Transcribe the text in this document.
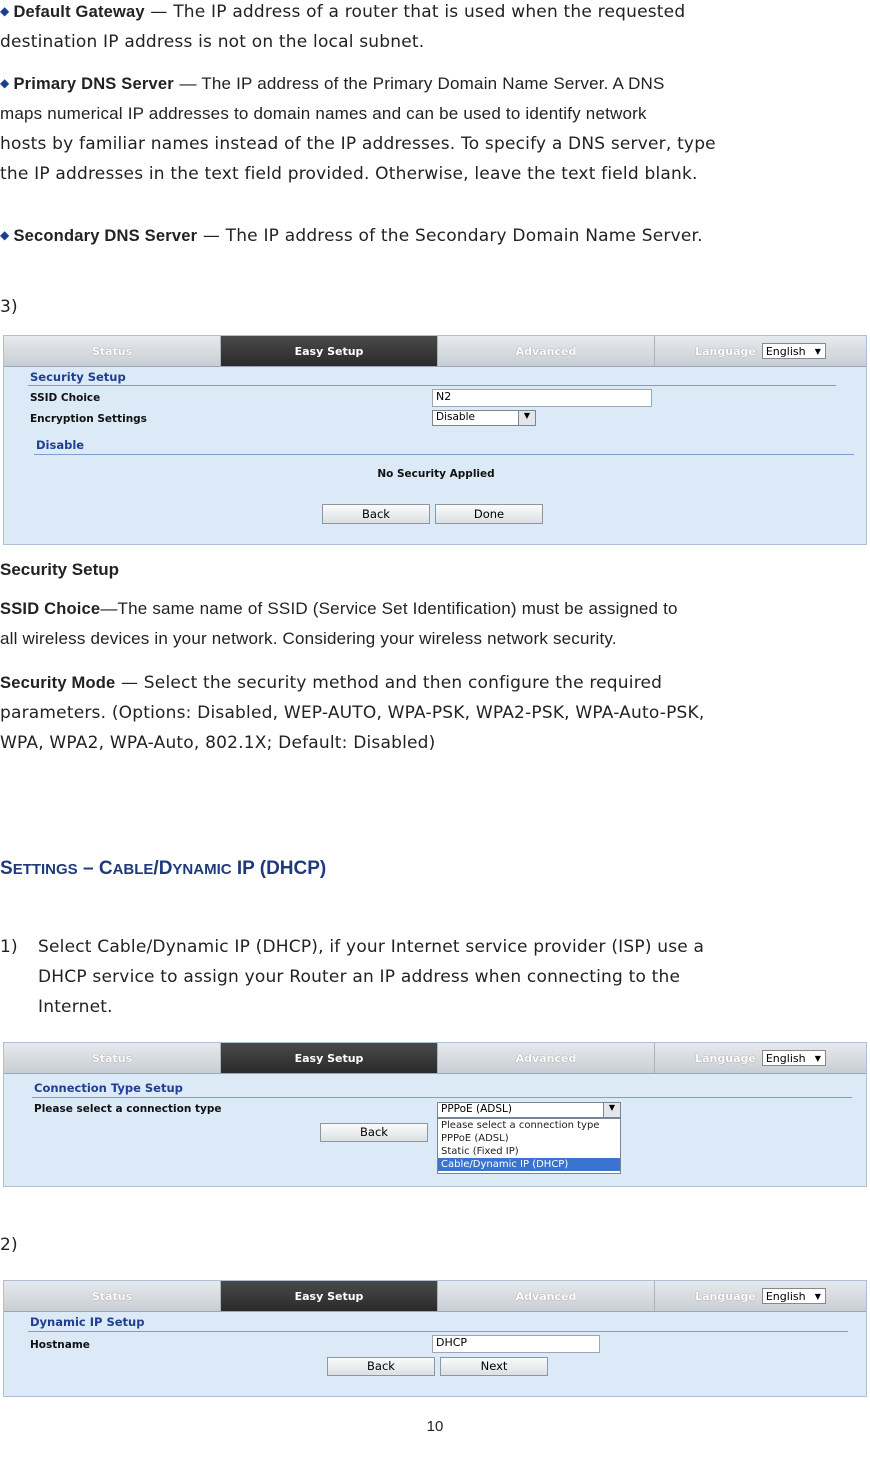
◆ Default Gateway — The IP address of a router that is used when the requested
destination IP address is not on the local subnet.
◆ Primary DNS Server — The IP address of the Primary Domain Name Server. A DNS
maps numerical IP addresses to domain names and can be used to identify network
hosts by familiar names instead of the IP addresses. To specify a DNS server, type
the IP addresses in the text field provided. Otherwise, leave the text field blank.
◆ Secondary DNS Server — The IP address of the Secondary Domain Name Server.
3)
Status	Easy Setup	Advanced	Language English ▼
Security Setup
SSID Choice	N2
Encryption Settings	Disable	▼
Disable
No Security Applied
Back	Done
Security Setup
SSID Choice—The same name of SSID (Service Set Identification) must be assigned to
all wireless devices in your network. Considering your wireless network security.
Security Mode — Select the security method and then configure the required
parameters. (Options: Disabled, WEP-AUTO, WPA-PSK, WPA2-PSK, WPA-Auto-PSK,
WPA, WPA2, WPA-Auto, 802.1X; Default: Disabled)
SETTINGS – CABLE/DYNAMIC IP (DHCP)
1) Select Cable/Dynamic IP (DHCP), if your Internet service provider (ISP) use a
DHCP service to assign your Router an IP address when connecting to the
Internet.
Status	Easy Setup	Advanced	Language English ▼
Connection Type Setup
Please select a connection type	PPPoE (ADSL)	▼
Please select a connection type
PPPoE (ADSL)
Static (Fixed IP)
Cable/Dynamic IP (DHCP)
Back
2)
Status	Easy Setup	Advanced	Language English ▼
Dynamic IP Setup
Hostname	DHCP
Back	Next
10
